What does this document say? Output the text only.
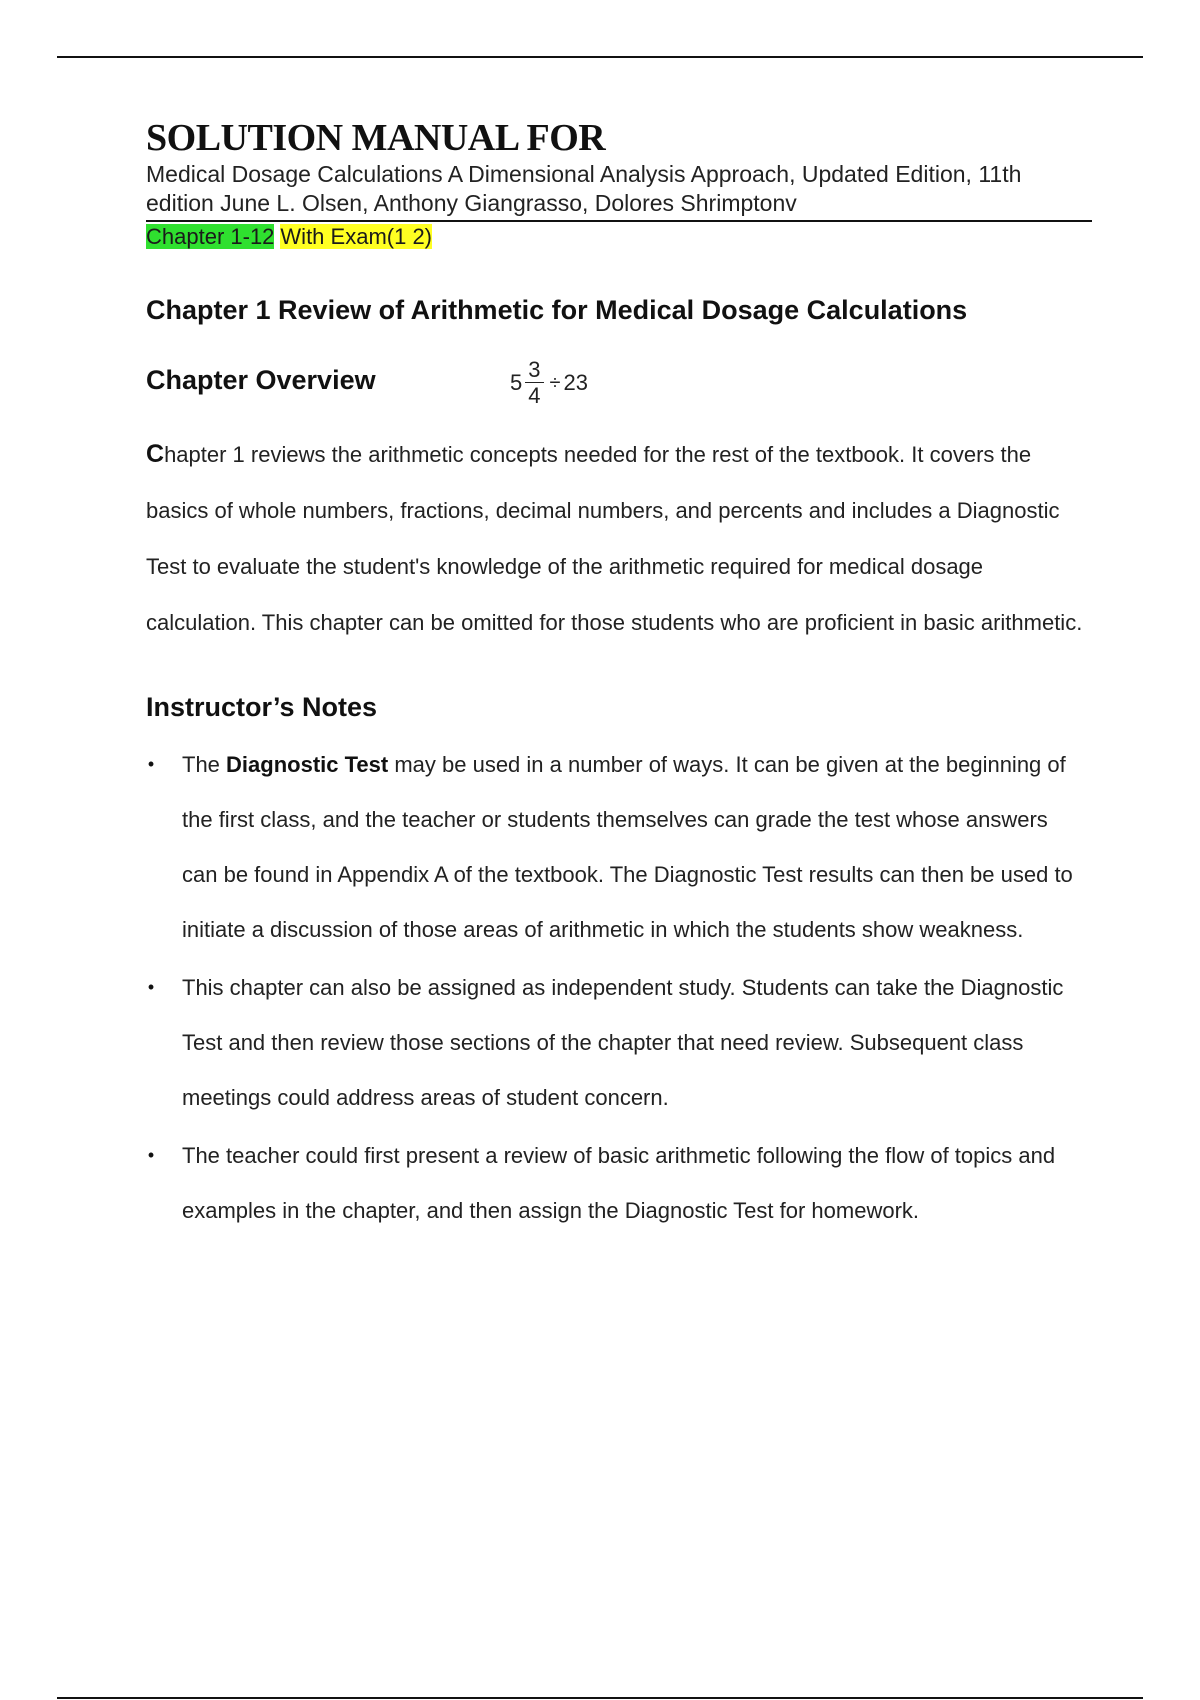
SOLUTION MANUAL FOR
Medical Dosage Calculations A Dimensional Analysis Approach, Updated Edition, 11th edition June L. Olsen, Anthony Giangrasso, Dolores Shrimptonv
Chapter 1-12 With Exam(1 2)
Chapter 1 Review of Arithmetic for Medical Dosage Calculations
Chapter Overview	$5 \frac{3}{4} \div 23$

Chapter 1 reviews the arithmetic concepts needed for the rest of the textbook. It covers the basics of whole numbers, fractions, decimal numbers, and percents and includes a Diagnostic Test to evaluate the student's knowledge of the arithmetic required for medical dosage calculation. This chapter can be omitted for those students who are proficient in basic arithmetic.

Instructor’s Notes
• The Diagnostic Test may be used in a number of ways. It can be given at the beginning of the first class, and the teacher or students themselves can grade the test whose answers can be found in Appendix A of the textbook. The Diagnostic Test results can then be used to initiate a discussion of those areas of arithmetic in which the students show weakness.
• This chapter can also be assigned as independent study. Students can take the Diagnostic Test and then review those sections of the chapter that need review. Subsequent class meetings could address areas of student concern.
• The teacher could first present a review of basic arithmetic following the flow of topics and examples in the chapter, and then assign the Diagnostic Test for homework.
